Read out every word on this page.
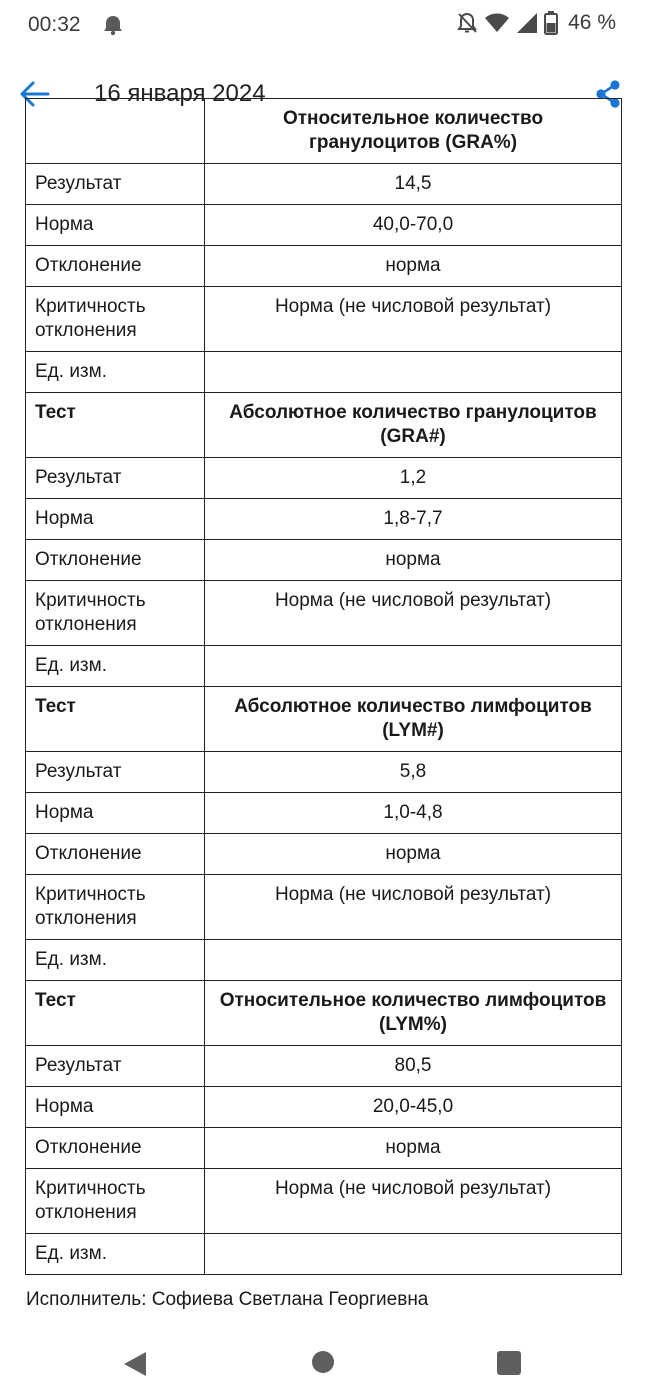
00:32	46 %
16 января 2024
	Относительное количество
гранулоцитов (GRA%)
Результат	14,5
Норма	40,0-70,0
Отклонение	норма
Критичность отклонения	Норма (не числовой результат)
Ед. изм.	
Тест	Абсолютное количество гранулоцитов (GRA#)
Результат	1,2
Норма	1,8-7,7
Отклонение	норма
Критичность отклонения	Норма (не числовой результат)
Ед. изм.	
Тест	Абсолютное количество лимфоцитов (LYM#)
Результат	5,8
Норма	1,0-4,8
Отклонение	норма
Критичность отклонения	Норма (не числовой результат)
Ед. изм.	
Тест	Относительное количество лимфоцитов (LYM%)
Результат	80,5
Норма	20,0-45,0
Отклонение	норма
Критичность отклонения	Норма (не числовой результат)
Ед. изм.	
Исполнитель: Софиева Светлана Георгиевна
